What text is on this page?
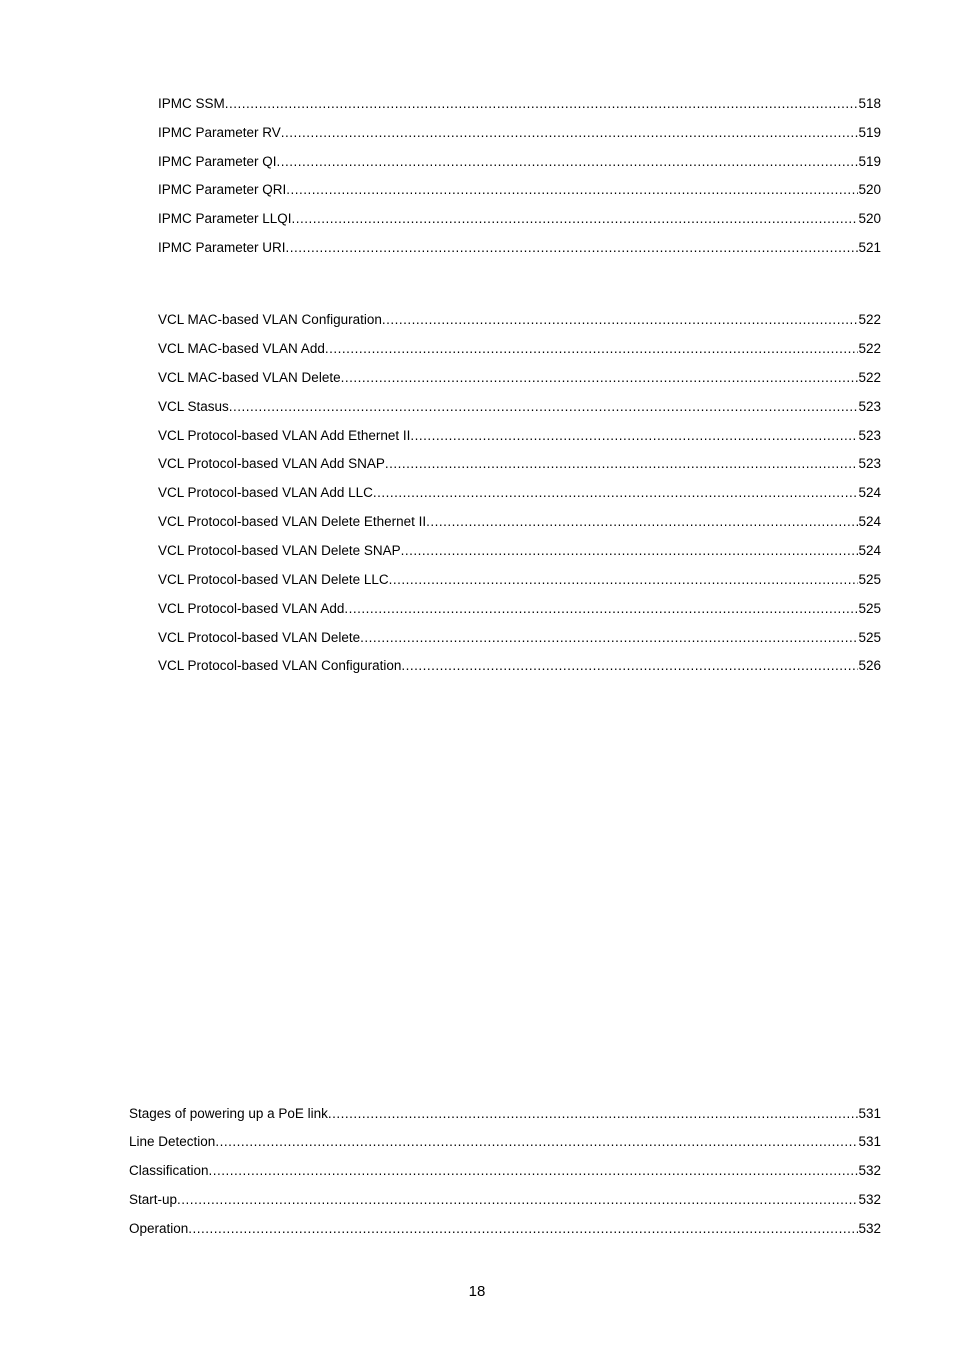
IPMC SSM .....	518
IPMC Parameter RV .....	519
IPMC Parameter QI .....	519
IPMC Parameter QRI .....	520
IPMC Parameter LLQI .....	520
IPMC Parameter URI .....	521
VCL MAC-based VLAN Configuration .....	522
VCL MAC-based VLAN Add .....	522
VCL MAC-based VLAN Delete .....	522
VCL Stasus .....	523
VCL Protocol-based VLAN Add Ethernet II .....	523
VCL Protocol-based VLAN Add SNAP .....	523
VCL Protocol-based VLAN Add LLC .....	524
VCL Protocol-based VLAN Delete Ethernet II .....	524
VCL Protocol-based VLAN Delete SNAP .....	524
VCL Protocol-based VLAN Delete LLC .....	525
VCL Protocol-based VLAN Add .....	525
VCL Protocol-based VLAN Delete .....	525
VCL Protocol-based VLAN Configuration .....	526
Stages of powering up a PoE link .....	531
Line Detection .....	531
Classification .....	532
Start-up .....	532
Operation .....	532
18
